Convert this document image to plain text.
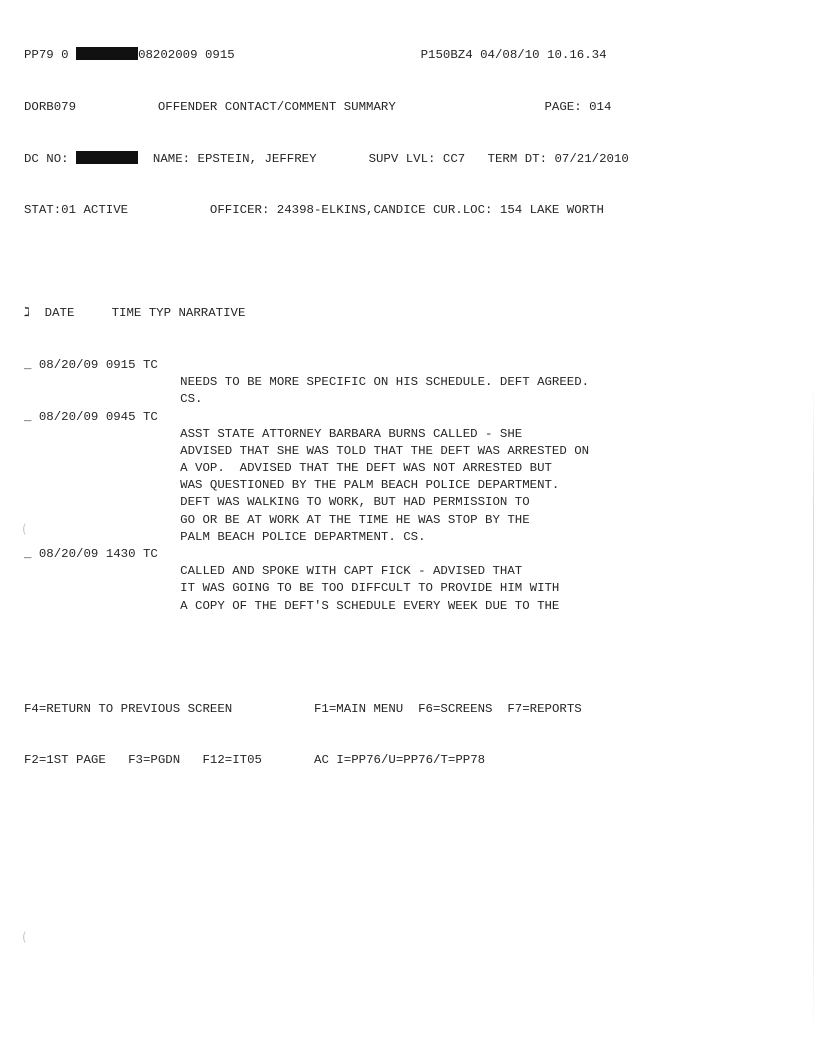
PP79 0	08202009 0915	P150BZ4 04/08/10 10.16.34

DORB079           OFFENDER CONTACT/COMMENT SUMMARY                    PAGE: 014

DC NO:	NAME: EPSTEIN, JEFFREY       SUPV LVL: CC7   TERM DT: 07/21/2010

STAT:01 ACTIVE           OFFICER: 24398-ELKINS,CANDICE CUR.LOC: 154 LAKE WORTH

ℷ  DATE     TIME TYP NARRATIVE

_ 08/20/09 0915 TC
NEEDS TO BE MORE SPECIFIC ON HIS SCHEDULE. DEFT AGREED.
CS.
_ 08/20/09 0945 TC
ASST STATE ATTORNEY BARBARA BURNS CALLED - SHE
ADVISED THAT SHE WAS TOLD THAT THE DEFT WAS ARRESTED ON
A VOP.  ADVISED THAT THE DEFT WAS NOT ARRESTED BUT
WAS QUESTIONED BY THE PALM BEACH POLICE DEPARTMENT.
DEFT WAS WALKING TO WORK, BUT HAD PERMISSION TO
GO OR BE AT WORK AT THE TIME HE WAS STOP BY THE
PALM BEACH POLICE DEPARTMENT. CS.
_ 08/20/09 1430 TC
CALLED AND SPOKE WITH CAPT FICK - ADVISED THAT
IT WAS GOING TO BE TOO DIFFCULT TO PROVIDE HIM WITH
A COPY OF THE DEFT'S SCHEDULE EVERY WEEK DUE TO THE

F4=RETURN TO PREVIOUS SCREEN	F1=MAIN MENU F6=SCREENS F7=REPORTS

F2=1ST PAGE F3=PGDN F12=IT05	AC I=PP76/U=PP76/T=PP78

(
(
